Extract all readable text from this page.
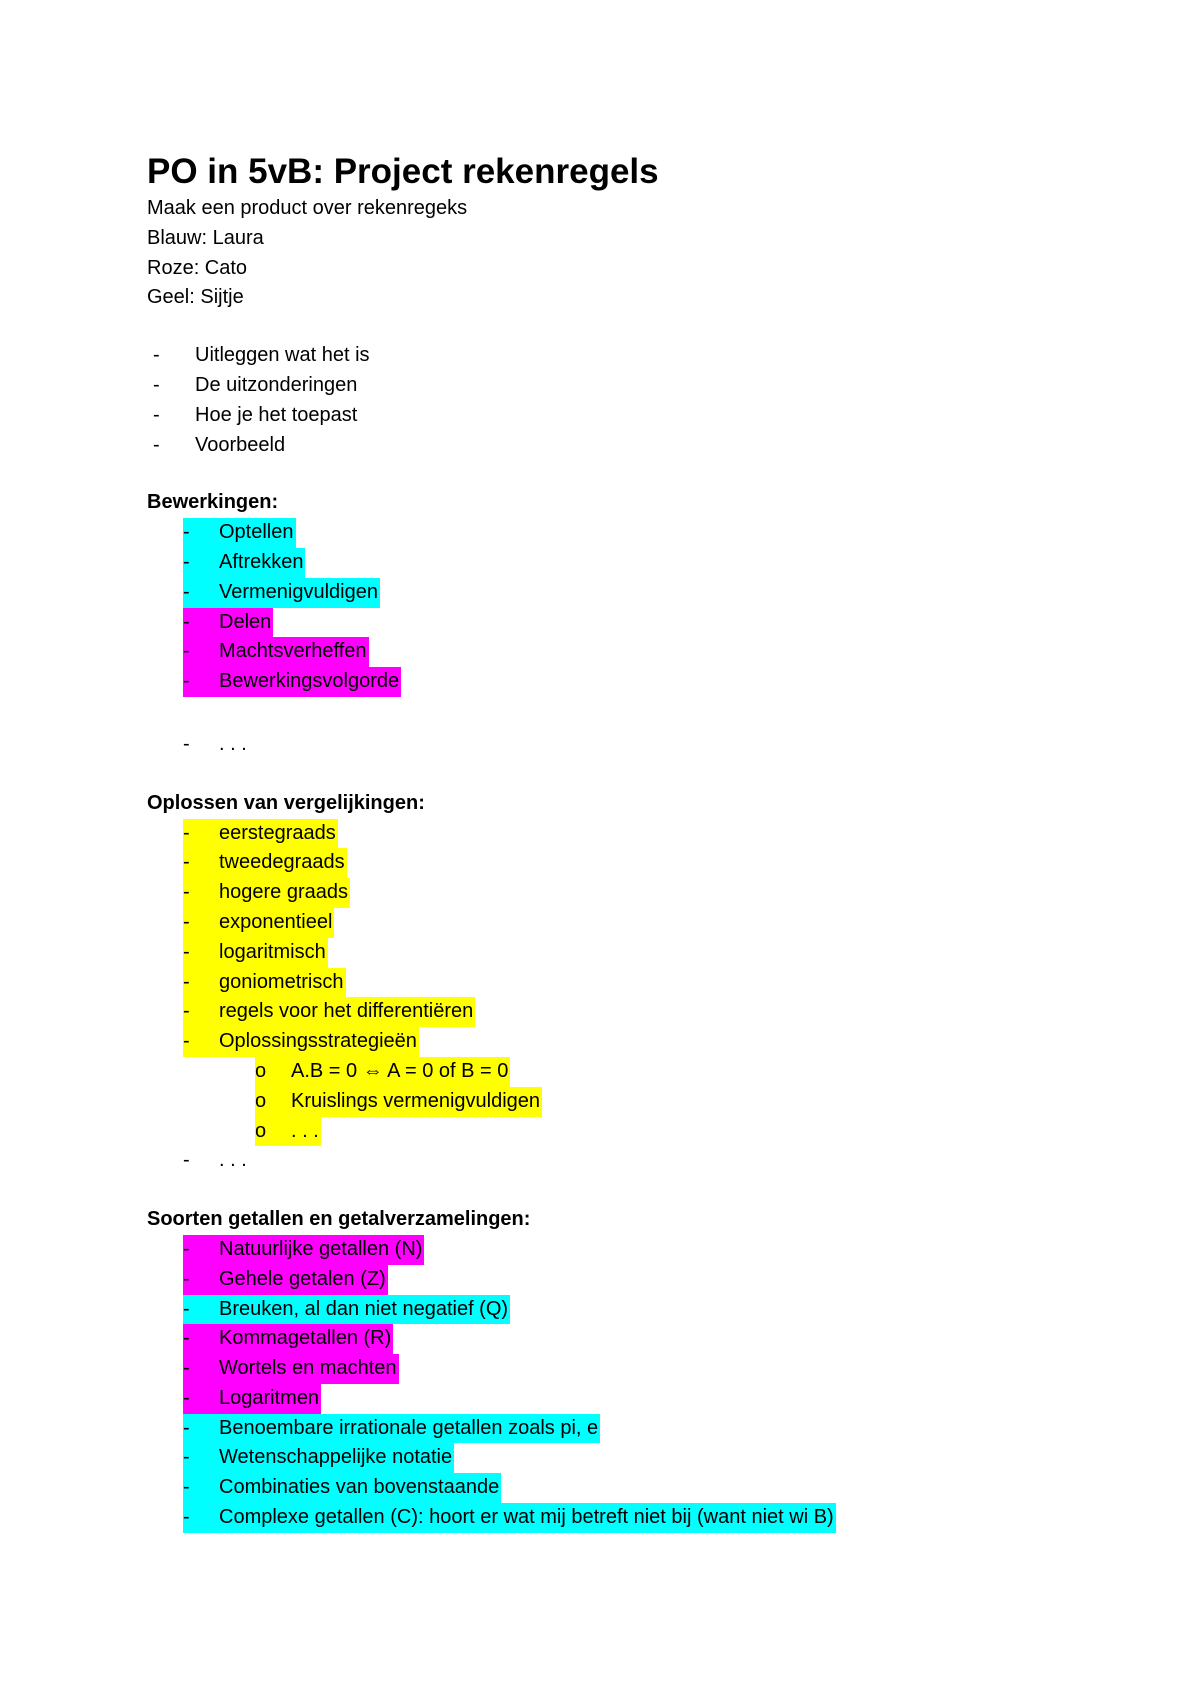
PO in 5vB: Project rekenregels
Maak een product over rekenregeks
Blauw: Laura
Roze: Cato
Geel: Sijtje
- Uitleggen wat het is
- De uitzonderingen
- Hoe je het toepast
- Voorbeeld
Bewerkingen:
- Optellen
- Aftrekken
- Vermenigvuldigen
- Delen
- Machtsverheffen
- Bewerkingsvolgorde
- . . .
Oplossen van vergelijkingen:
- eerstegraads
- tweedegraads
- hogere graads
- exponentieel
- logaritmisch
- goniometrisch
- regels voor het differentiëren
- Oplossingsstrategieën
o A.B = 0 ⇔ A = 0 of B = 0
o Kruislings vermenigvuldigen
o . . .
- . . .
Soorten getallen en getalverzamelingen:
- Natuurlijke getallen (N)
- Gehele getalen (Z)
- Breuken, al dan niet negatief (Q)
- Kommagetallen (R)
- Wortels en machten
- Logaritmen
- Benoembare irrationale getallen zoals pi, e
- Wetenschappelijke notatie
- Combinaties van bovenstaande
- Complexe getallen (C): hoort er wat mij betreft niet bij (want niet wi B)
